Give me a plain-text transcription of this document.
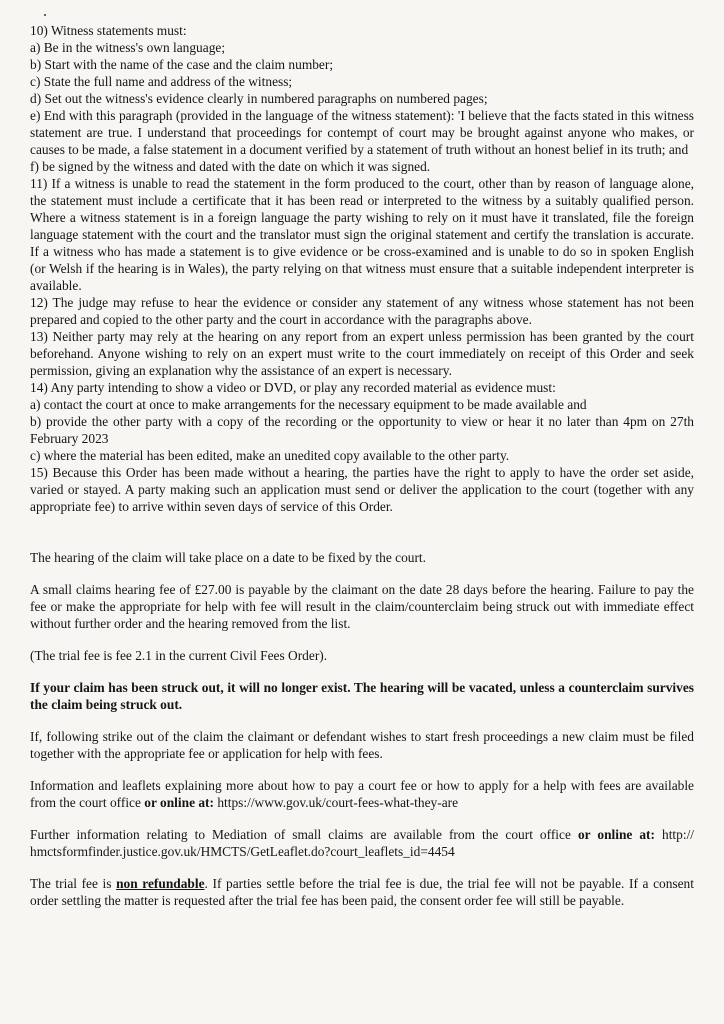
10) Witness statements must:

a) Be in the witness's own language;

b) Start with the name of the case and the claim number;

c) State the full name and address of the witness;

d) Set out the witness's evidence clearly in numbered paragraphs on numbered pages;

e) End with this paragraph (provided in the language of the witness statement): 'I believe that the facts stated in this witness statement are true. I understand that proceedings for contempt of court may be brought against anyone who makes, or causes to be made, a false statement in a document verified by a statement of truth without an honest belief in its truth; and

f) be signed by the witness and dated with the date on which it was signed.

11) If a witness is unable to read the statement in the form produced to the court, other than by reason of language alone, the statement must include a certificate that it has been read or interpreted to the witness by a suitably qualified person. Where a witness statement is in a foreign language the party wishing to rely on it must have it translated, file the foreign language statement with the court and the translator must sign the original statement and certify the translation is accurate. If a witness who has made a statement is to give evidence or be cross-examined and is unable to do so in spoken English (or Welsh if the hearing is in Wales), the party relying on that witness must ensure that a suitable independent interpreter is available.

12) The judge may refuse to hear the evidence or consider any statement of any witness whose statement has not been prepared and copied to the other party and the court in accordance with the paragraphs above.

13) Neither party may rely at the hearing on any report from an expert unless permission has been granted by the court beforehand. Anyone wishing to rely on an expert must write to the court immediately on receipt of this Order and seek permission, giving an explanation why the assistance of an expert is necessary.

14) Any party intending to show a video or DVD, or play any recorded material as evidence must:

a) contact the court at once to make arrangements for the necessary equipment to be made available and

b) provide the other party with a copy of the recording or the opportunity to view or hear it no later than 4pm on 27th February 2023

c) where the material has been edited, make an unedited copy available to the other party.

15) Because this Order has been made without a hearing, the parties have the right to apply to have the order set aside, varied or stayed. A party making such an application must send or deliver the application to the court (together with any appropriate fee) to arrive within seven days of service of this Order.

The hearing of the claim will take place on a date to be fixed by the court.

A small claims hearing fee of £27.00 is payable by the claimant on the date 28 days before the hearing. Failure to pay the fee or make the appropriate for help with fee will result in the claim/counterclaim being struck out with immediate effect without further order and the hearing removed from the list.

(The trial fee is fee 2.1 in the current Civil Fees Order).

If your claim has been struck out, it will no longer exist. The hearing will be vacated, unless a counterclaim survives the claim being struck out.

If, following strike out of the claim the claimant or defendant wishes to start fresh proceedings a new claim must be filed together with the appropriate fee or application for help with fees.

Information and leaflets explaining more about how to pay a court fee or how to apply for a help with fees are available from the court office or online at: https://www.gov.uk/court-fees-what-they-are

Further information relating to Mediation of small claims are available from the court office or online at: http:// hmctsformfinder.justice.gov.uk/HMCTS/GetLeaflet.do?court_leaflets_id=4454

The trial fee is non refundable. If parties settle before the trial fee is due, the trial fee will not be payable. If a consent order settling the matter is requested after the trial fee has been paid, the consent order fee will still be payable.
